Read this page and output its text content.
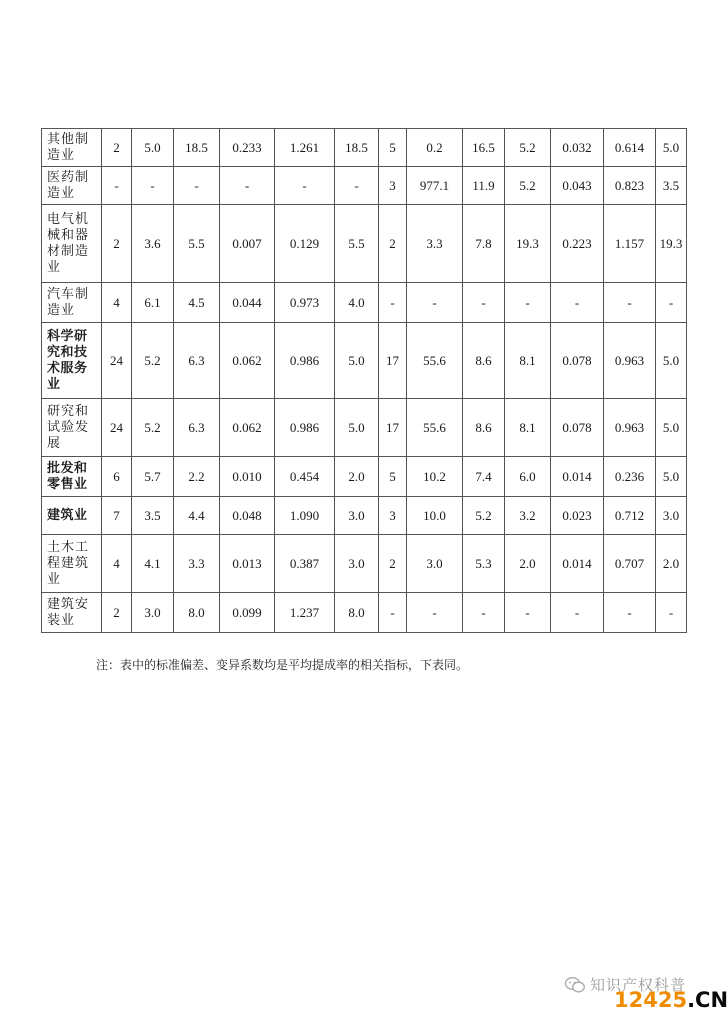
其他制造业	2	5.0	18.5	0.233	1.261	18.5	5	0.2	16.5	5.2	0.032	0.614	5.0
医药制造业	-	-	-	-	-	-	3	977.1	11.9	5.2	0.043	0.823	3.5
电气机械和器材制造业	2	3.6	5.5	0.007	0.129	5.5	2	3.3	7.8	19.3	0.223	1.157	19.3
汽车制造业	4	6.1	4.5	0.044	0.973	4.0	-	-	-	-	-	-	-
科学研究和技术服务业	24	5.2	6.3	0.062	0.986	5.0	17	55.6	8.6	8.1	0.078	0.963	5.0
研究和试验发展	24	5.2	6.3	0.062	0.986	5.0	17	55.6	8.6	8.1	0.078	0.963	5.0
批发和零售业	6	5.7	2.2	0.010	0.454	2.0	5	10.2	7.4	6.0	0.014	0.236	5.0
建筑业	7	3.5	4.4	0.048	1.090	3.0	3	10.0	5.2	3.2	0.023	0.712	3.0
土木工程建筑业	4	4.1	3.3	0.013	0.387	3.0	2	3.0	5.3	2.0	0.014	0.707	2.0
建筑安装业	2	3.0	8.0	0.099	1.237	8.0	-	-	-	-	-	-	-
注：表中的标准偏差、变异系数均是平均提成率的相关指标，下表同。
知识产权科普
12425.CN
